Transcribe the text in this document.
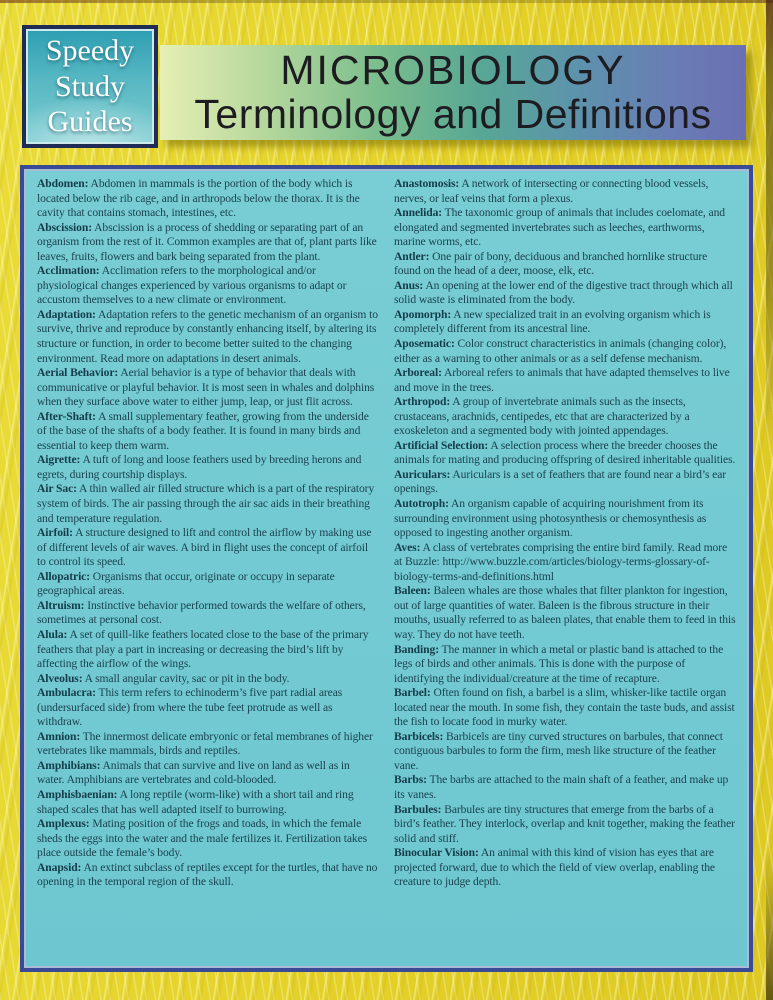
Speedy
Study
Guides
MICROBIOLOGY
Terminology and Definitions

Abdomen: Abdomen in mammals is the portion of the body which is located below the rib cage, and in arthropods below the thorax. It is the cavity that contains stomach, intestines, etc.

Abscission: Abscission is a process of shedding or separating part of an organism from the rest of it. Common examples are that of, plant parts like leaves, fruits, flowers and bark being separated from the plant.

Acclimation: Acclimation refers to the morphological and/or physiological changes experienced by various organisms to adapt or accustom themselves to a new climate or environment.

Adaptation: Adaptation refers to the genetic mechanism of an organism to survive, thrive and reproduce by constantly enhancing itself, by altering its structure or function, in order to become better suited to the changing environment. Read more on adaptations in desert animals.

Aerial Behavior: Aerial behavior is a type of behavior that deals with communicative or playful behavior. It is most seen in whales and dolphins when they surface above water to either jump, leap, or just flit across.

After-Shaft: A small supplementary feather, growing from the underside of the base of the shafts of a body feather. It is found in many birds and essential to keep them warm.

Aigrette: A tuft of long and loose feathers used by breeding herons and egrets, during courtship displays.

Air Sac: A thin walled air filled structure which is a part of the respiratory system of birds. The air passing through the air sac aids in their breathing and temperature regulation.

Airfoil: A structure designed to lift and control the airflow by making use of different levels of air waves. A bird in flight uses the concept of airfoil to control its speed.

Allopatric: Organisms that occur, originate or occupy in separate geographical areas.

Altruism: Instinctive behavior performed towards the welfare of others, sometimes at personal cost.

Alula: A set of quill-like feathers located close to the base of the primary feathers that play a part in increasing or decreasing the bird’s lift by affecting the airflow of the wings.

Alveolus: A small angular cavity, sac or pit in the body.

Ambulacra: This term refers to echinoderm’s five part radial areas (undersurfaced side) from where the tube feet protrude as well as withdraw.

Amnion: The innermost delicate embryonic or fetal membranes of higher vertebrates like mammals, birds and reptiles.

Amphibians: Animals that can survive and live on land as well as in water. Amphibians are vertebrates and cold-blooded.

Amphisbaenian: A long reptile (worm-like) with a short tail and ring shaped scales that has well adapted itself to burrowing.

Amplexus: Mating position of the frogs and toads, in which the female sheds the eggs into the water and the male fertilizes it. Fertilization takes place outside the female’s body.

Anapsid: An extinct subclass of reptiles except for the turtles, that have no opening in the temporal region of the skull.

Anastomosis: A network of intersecting or connecting blood vessels, nerves, or leaf veins that form a plexus.

Annelida: The taxonomic group of animals that includes coelomate, and elongated and segmented invertebrates such as leeches, earthworms, marine worms, etc.

Antler: One pair of bony, deciduous and branched hornlike structure found on the head of a deer, moose, elk, etc.

Anus: An opening at the lower end of the digestive tract through which all solid waste is eliminated from the body.

Apomorph: A new specialized trait in an evolving organism which is completely different from its ancestral line.

Aposematic: Color construct characteristics in animals (changing color), either as a warning to other animals or as a self defense mechanism.

Arboreal: Arboreal refers to animals that have adapted themselves to live and move in the trees.

Arthropod: A group of invertebrate animals such as the insects, crustaceans, arachnids, centipedes, etc that are characterized by a exoskeleton and a segmented body with jointed appendages.

Artificial Selection: A selection process where the breeder chooses the animals for mating and producing offspring of desired inheritable qualities.

Auriculars: Auriculars is a set of feathers that are found near a bird’s ear openings.

Autotroph: An organism capable of acquiring nourishment from its surrounding environment using photosynthesis or chemosynthesis as opposed to ingesting another organism.

Aves: A class of vertebrates comprising the entire bird family. Read more at Buzzle: http://www.buzzle.com/articles/biology-terms-glossary-of-biology-terms-and-definitions.html

Baleen: Baleen whales are those whales that filter plankton for ingestion, out of large quantities of water. Baleen is the fibrous structure in their mouths, usually referred to as baleen plates, that enable them to feed in this way. They do not have teeth.

Banding: The manner in which a metal or plastic band is attached to the legs of birds and other animals. This is done with the purpose of identifying the individual/creature at the time of recapture.

Barbel: Often found on fish, a barbel is a slim, whisker-like tactile organ located near the mouth. In some fish, they contain the taste buds, and assist the fish to locate food in murky water.

Barbicels: Barbicels are tiny curved structures on barbules, that connect contiguous barbules to form the firm, mesh like structure of the feather vane.

Barbs: The barbs are attached to the main shaft of a feather, and make up its vanes.

Barbules: Barbules are tiny structures that emerge from the barbs of a bird’s feather. They interlock, overlap and knit together, making the feather solid and stiff.

Binocular Vision: An animal with this kind of vision has eyes that are projected forward, due to which the field of view overlap, enabling the creature to judge depth.
